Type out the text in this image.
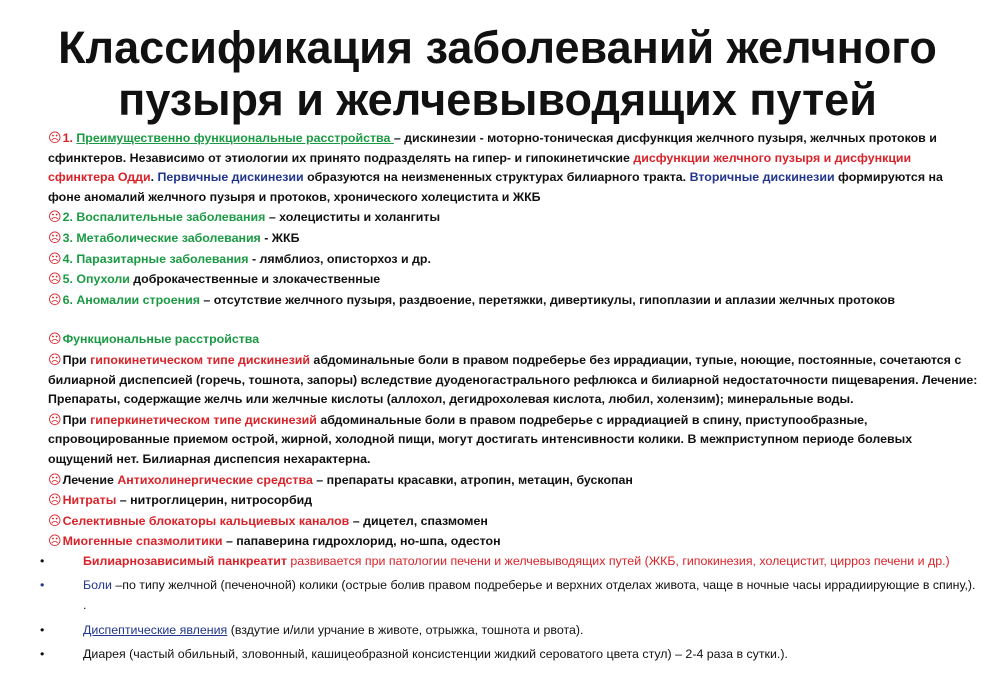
Классификация заболеваний желчного
пузыря и желчевыводящих путей

☹1. Преимущественно функциональные расстройства – дискинезии - моторно-тоническая дисфункция желчного пузыря, желчных протоков и сфинктеров. Независимо от этиологии их принято подразделять на гипер- и гипокинетичские дисфункции желчного пузыря и дисфункции сфинктера Одди. Первичные дискинезии образуются на неизмененных структурах билиарного тракта. Вторичные дискинезии формируются на фоне аномалий желчного пузыря и протоков, хронического холецистита и ЖКБ

☹2. Воспалительные заболевания – холециститы и холангиты

☹3. Метаболические заболевания - ЖКБ

☹4. Паразитарные заболевания - лямблиоз, описторхоз и др.

☹5. Опухоли доброкачественные и злокачественные

☹6. Аномалии строения – отсутствие желчного пузыря, раздвоение, перетяжки, дивертикулы, гипоплазии и аплазии желчных протоков

☹Функциональные расстройства

☹При гипокинетическом типе дискинезий абдоминальные боли в правом подреберье без иррадиации, тупые, ноющие, постоянные, сочетаются с билиарной диспепсией (горечь, тошнота, запоры) вследствие дуоденогастрального рефлюкса и билиарной недостаточности пищеварения. Лечение: Препараты, содержащие желчь или желчные кислоты (аллохол, дегидрохолевая кислота, любил, холензим); минеральные воды.

☹При гиперкинетическом типе дискинезий абдоминальные боли в правом подреберье с иррадиацией в спину, приступообразные, спровоцированные приемом острой, жирной, холодной пищи, могут достигать интенсивности колики. В межприступном периоде болевых ощущений нет. Билиарная диспепсия нехарактерна.

☹Лечение Антихолинергические средства – препараты красавки, атропин, метацин, бускопан

☹Нитраты – нитроглицерин, нитросорбид

☹Селективные блокаторы кальциевых каналов – дицетел, спазмомен

☹Миогенные спазмолитики – папаверина гидрохлорид, но-шпа, одестон

•	Билиарнозависимый панкреатит развивается при патологии печени и желчевыводящих путей (ЖКБ, гипокинезия, холецистит, цирроз печени и др.)

•	Боли –по типу желчной (печеночной) колики (острые болив правом подреберье и верхних отделах живота, чаще в ночные часы иррадиирующие в спину,). .

•	Диспептические явления (вздутие и/или урчание в животе, отрыжка, тошнота и рвота).

•	Диарея (частый обильный, зловонный, кашицеобразной консистенции жидкий сероватого цвета стул) – 2-4 раза в сутки.).
